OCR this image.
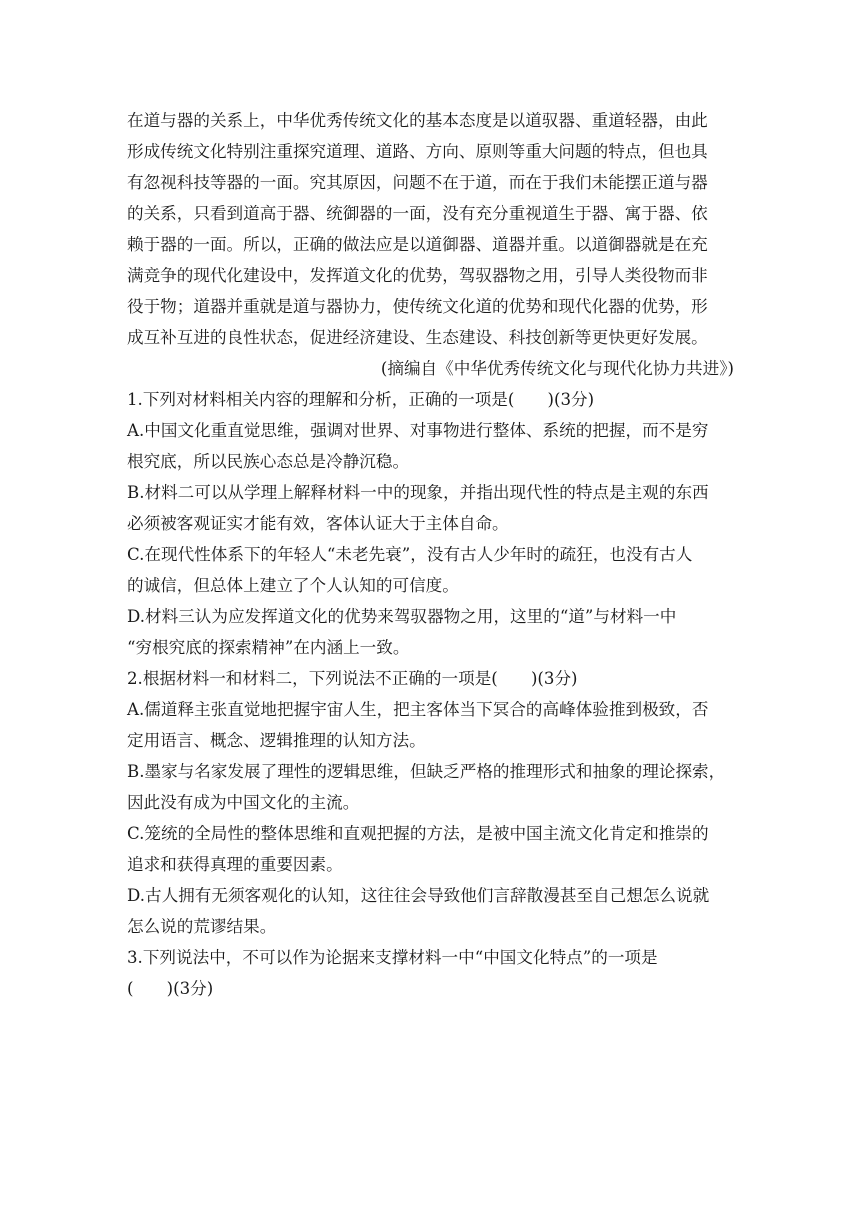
在道与器的关系上，中华优秀传统文化的基本态度是以道驭器、重道轻器，由此
形成传统文化特别注重探究道理、道路、方向、原则等重大问题的特点，但也具
有忽视科技等器的一面。究其原因，问题不在于道，而在于我们未能摆正道与器
的关系，只看到道高于器、统御器的一面，没有充分重视道生于器、寓于器、依
赖于器的一面。所以，正确的做法应是以道御器、道器并重。以道御器就是在充
满竞争的现代化建设中，发挥道文化的优势，驾驭器物之用，引导人类役物而非
役于物；道器并重就是道与器协力，使传统文化道的优势和现代化器的优势，形
成互补互进的良性状态，促进经济建设、生态建设、科技创新等更快更好发展。
(摘编自《中华优秀传统文化与现代化协力共进》)
1.下列对材料相关内容的理解和分析，正确的一项是(　　)(3分)
A.中国文化重直觉思维，强调对世界、对事物进行整体、系统的把握，而不是穷
根究底，所以民族心态总是冷静沉稳。
B.材料二可以从学理上解释材料一中的现象，并指出现代性的特点是主观的东西
必须被客观证实才能有效，客体认证大于主体自命。
C.在现代性体系下的年轻人“未老先衰”，没有古人少年时的疏狂，也没有古人
的诚信，但总体上建立了个人认知的可信度。
D.材料三认为应发挥道文化的优势来驾驭器物之用，这里的“道”与材料一中
“穷根究底的探索精神”在内涵上一致。
2.根据材料一和材料二，下列说法不正确的一项是(　　)(3分)
A.儒道释主张直觉地把握宇宙人生，把主客体当下冥合的高峰体验推到极致，否
定用语言、概念、逻辑推理的认知方法。
B.墨家与名家发展了理性的逻辑思维，但缺乏严格的推理形式和抽象的理论探索，
因此没有成为中国文化的主流。
C.笼统的全局性的整体思维和直观把握的方法，是被中国主流文化肯定和推崇的
追求和获得真理的重要因素。
D.古人拥有无须客观化的认知，这往往会导致他们言辞散漫甚至自己想怎么说就
怎么说的荒谬结果。
3.下列说法中，不可以作为论据来支撑材料一中“中国文化特点”的一项是
(　　)(3分)
